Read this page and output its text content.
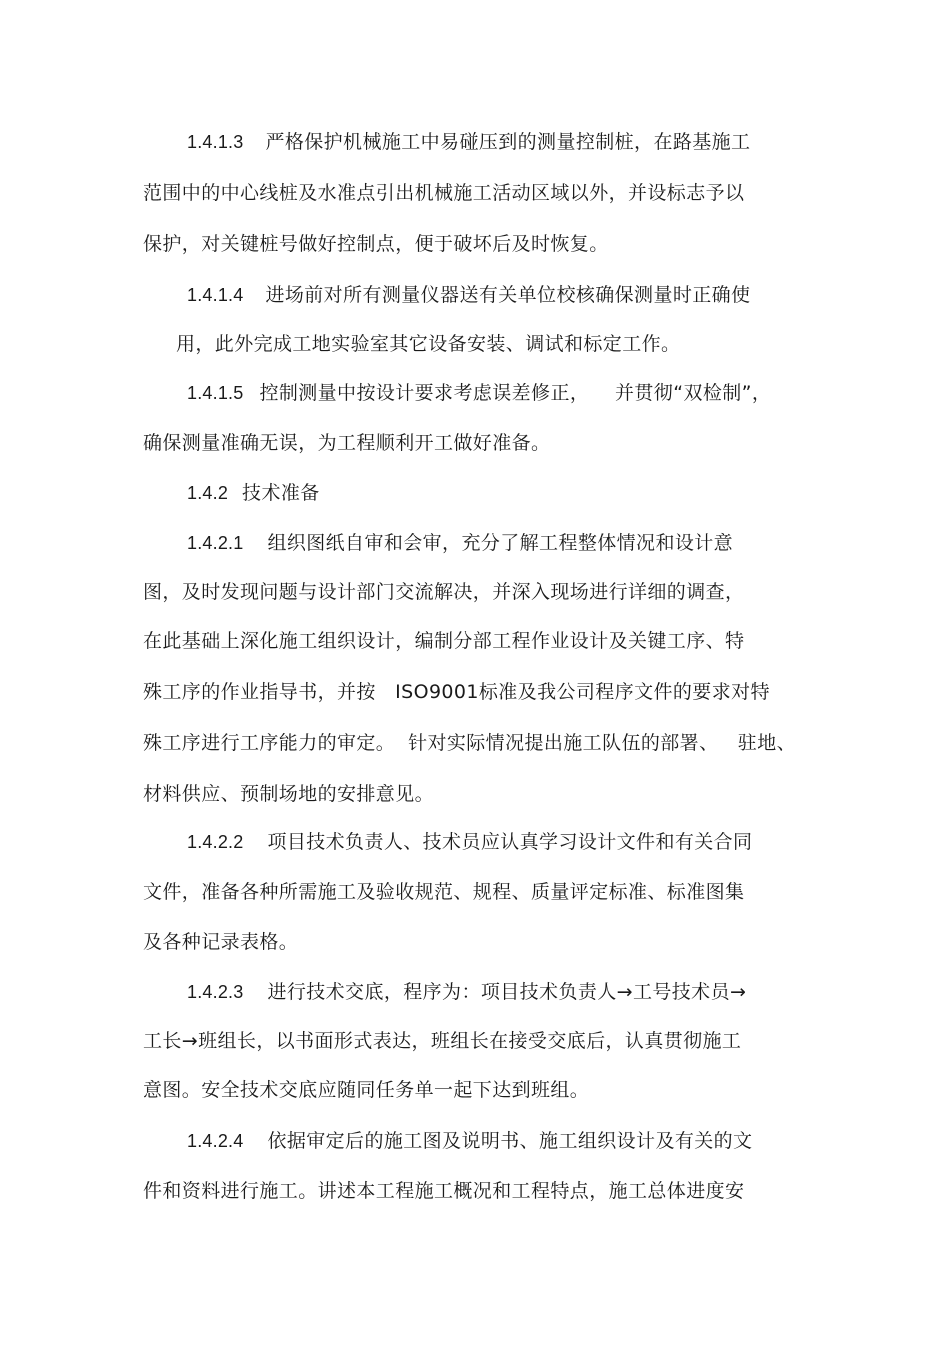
1.4.1.3 严格保护机械施工中易碰压到的测量控制桩，在路基施工
范围中的中心线桩及水准点引出机械施工活动区域以外，并设标志予以
保护，对关键桩号做好控制点，便于破坏后及时恢复。
1.4.1.4 进场前对所有测量仪器送有关单位校核确保测量时正确使
用，此外完成工地实验室其它设备安装、调试和标定工作。
1.4.1.5 控制测量中按设计要求考虑误差修正，    并贯彻“双检制”，
确保测量准确无误，为工程顺利开工做好准备。
1.4.2 技术准备
1.4.2.1 组织图纸自审和会审，充分了解工程整体情况和设计意
图，及时发现问题与设计部门交流解决，并深入现场进行详细的调查，
在此基础上深化施工组织设计，编制分部工程作业设计及关键工序、特
殊工序的作业指导书，并按   ISO9001标准及我公司程序文件的要求对特
殊工序进行工序能力的审定。  针对实际情况提出施工队伍的部署、   驻地、
材料供应、预制场地的安排意见。
1.4.2.2 项目技术负责人、技术员应认真学习设计文件和有关合同
文件，准备各种所需施工及验收规范、规程、质量评定标准、标准图集
及各种记录表格。
1.4.2.3 进行技术交底，程序为：项目技术负责人→工号技术员→
工长→班组长，以书面形式表达，班组长在接受交底后，认真贯彻施工
意图。安全技术交底应随同任务单一起下达到班组。
1.4.2.4 依据审定后的施工图及说明书、施工组织设计及有关的文
件和资料进行施工。讲述本工程施工概况和工程特点，施工总体进度安
